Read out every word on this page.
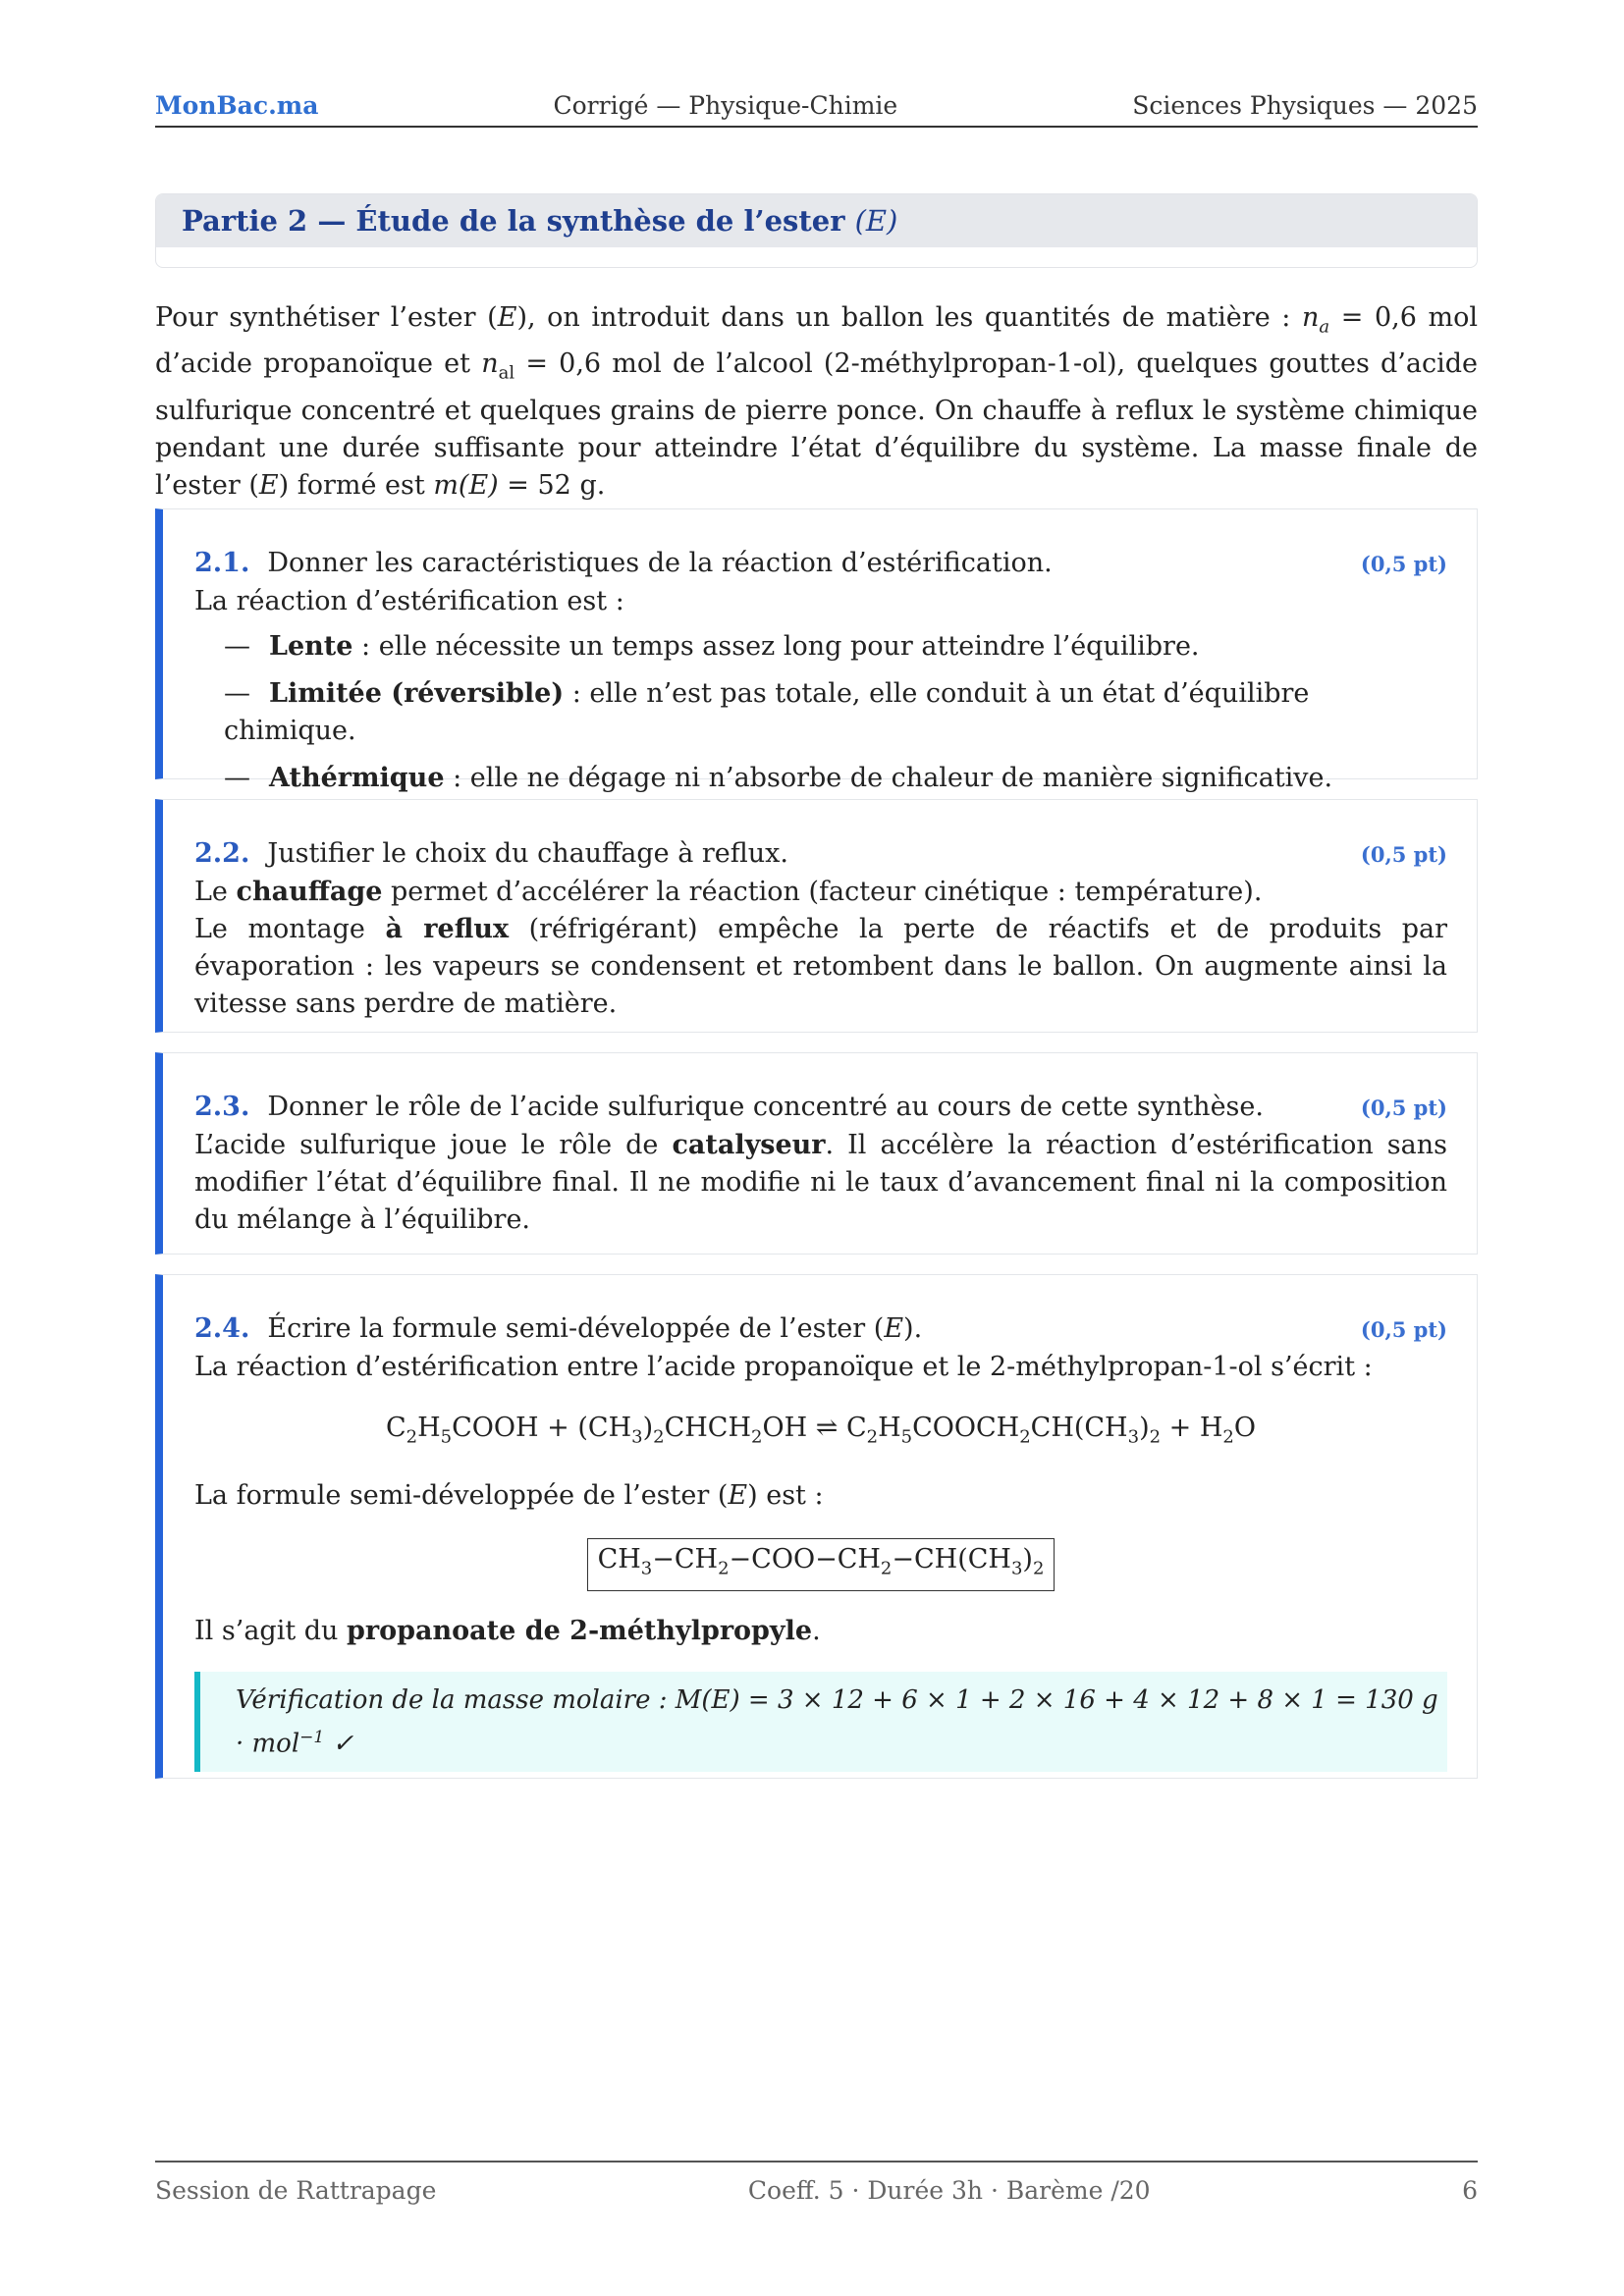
MonBac.ma	Corrigé — Physique-Chimie	Sciences Physiques — 2025
Partie 2 — Étude de la synthèse de l’ester (E)
Pour synthétiser l’ester (E), on introduit dans un ballon les quantités de matière : $n_a = 0,6$ mol d’acide propanoïque et $n_{al} = 0,6$ mol de l’alcool (2-méthylpropan-1-ol), quelques gouttes d’acide sulfurique concentré et quelques grains de pierre ponce. On chauffe à reflux le système chimique pendant une durée suffisante pour atteindre l’état d’équilibre du système. La masse finale de l’ester (E) formé est m(E) = 52 g.
2.1. Donner les caractéristiques de la réaction d’estérification.	(0,5 pt)

La réaction d’estérification est :

— Lente : elle nécessite un temps assez long pour atteindre l’équilibre.
— Limitée (réversible) : elle n’est pas totale, elle conduit à un état d’équilibre chimique.
— Athérmique : elle ne dégage ni n’absorbe de chaleur de manière significative.
2.2. Justifier le choix du chauffage à reflux.	(0,5 pt)

Le chauffage permet d’accélérer la réaction (facteur cinétique : température).

Le montage à reflux (réfrigérant) empêche la perte de réactifs et de produits par évaporation : les vapeurs se condensent et retombent dans le ballon. On augmente ainsi la vitesse sans perdre de matière.

2.3. Donner le rôle de l’acide sulfurique concentré au cours de cette synthèse.	(0,5 pt)

L’acide sulfurique joue le rôle de catalyseur. Il accélère la réaction d’estérification sans modifier l’état d’équilibre final. Il ne modifie ni le taux d’avancement final ni la composition du mélange à l’équilibre.

2.4. Écrire la formule semi-développée de l’ester (E).	(0,5 pt)

La réaction d’estérification entre l’acide propanoïque et le 2-méthylpropan-1-ol s’écrit :

$C_2H_5COOH$ + $(CH_3)_2CHCH_2OH$ ⇌ $C_2H_5COOCH_2CH(CH_3)_2 + H_2O$

La formule semi-développée de l’ester (E) est :

$CH_3-CH_2-COO-CH_2-CH(CH_3)_2$

Il s’agit du propanoate de 2-méthylpropyle.

Vérification de la masse molaire : M(E) = 3 × 12 + 6 × 1 + 2 × 16 + 4 × 12 + 8 × 1 = 130 g · mol$^{-1}$ ✓
Session de Rattrapage	Coeff. 5 · Durée 3h · Barème /20	6
